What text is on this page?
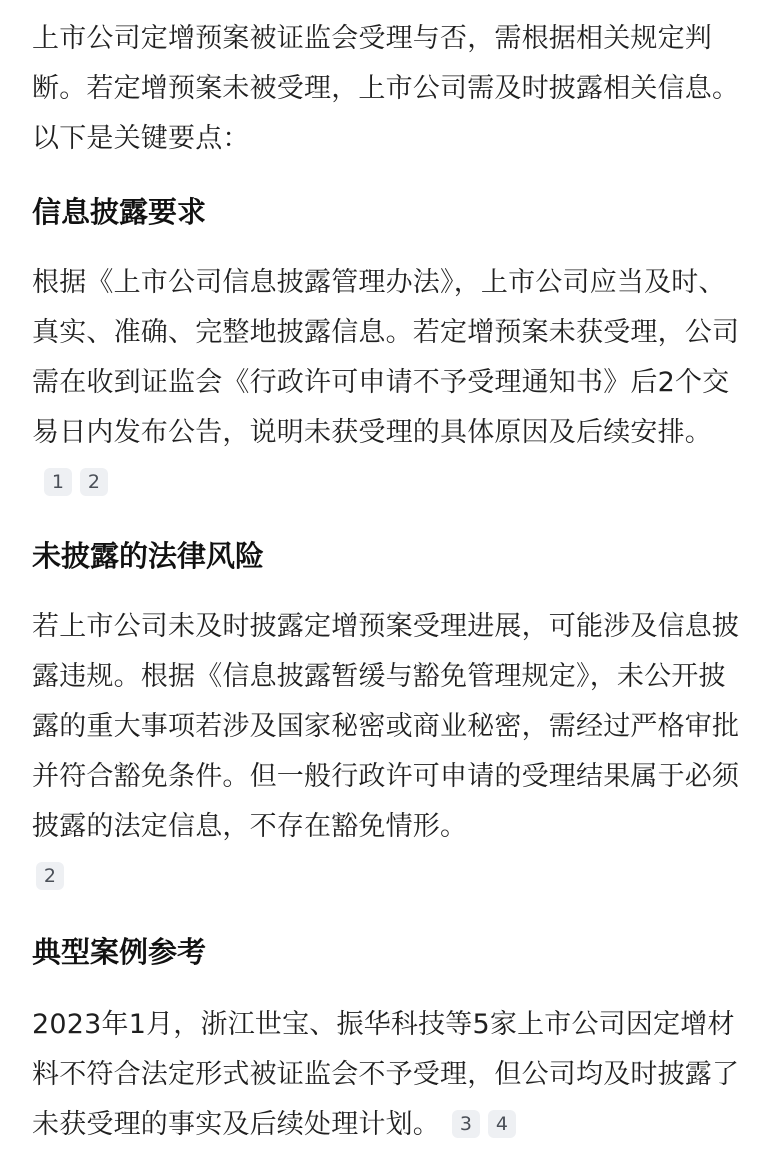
上市公司定增预案被证监会受理与否，需根据相关规定判断。若定增预案未被受理，上市公司需及时披露相关信息。以下是关键要点：

信息披露要求

根据《上市公司信息披露管理办法》，上市公司应当及时、真实、准确、完整地披露信息。若定增预案未获受理，公司需在收到证监会《行政许可申请不予受理通知书》后2个交易日内发布公告，说明未获受理的具体原因及后续安排。1 2

未披露的法律风险

若上市公司未及时披露定增预案受理进展，可能涉及信息披露违规。根据《信息披露暂缓与豁免管理规定》，未公开披露的重大事项若涉及国家秘密或商业秘密，需经过严格审批并符合豁免条件。但一般行政许可申请的受理结果属于必须披露的法定信息，不存在豁免情形。
2

典型案例参考

2023年1月，浙江世宝、振华科技等5家上市公司因定增材料不符合法定形式被证监会不予受理，但公司均及时披露了未获受理的事实及后续处理计划。 3 4
